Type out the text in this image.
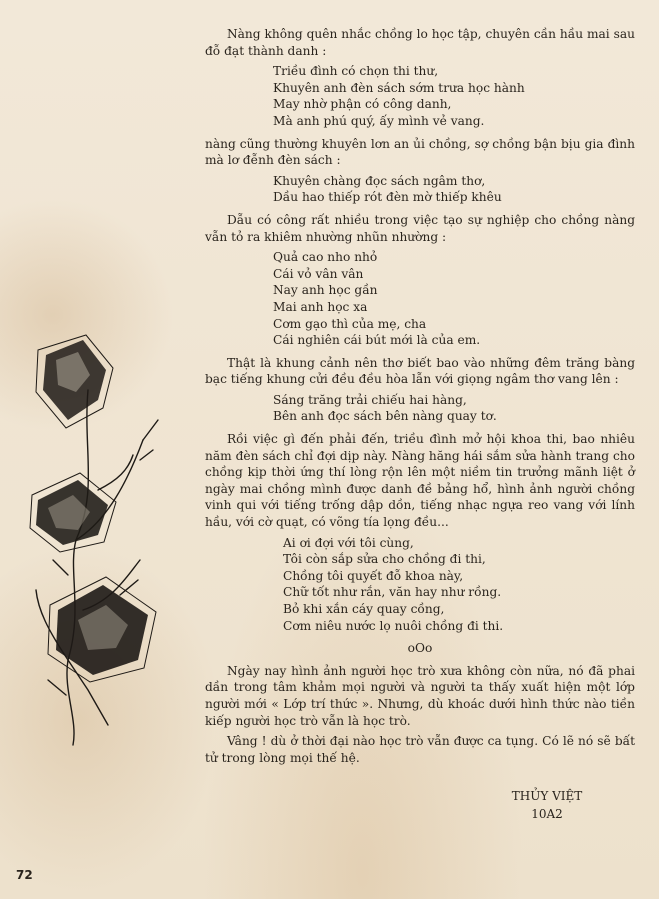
Nàng không quên nhắc chồng lo học tập, chuyên cần hầu mai sau đỗ đạt thành danh :

Triều đình có chọn thi thư,
Khuyên anh đèn sách sớm trưa học hành
May nhờ phận có công danh,
Mà anh phú quý, ấy mình vẻ vang.

nàng cũng thường khuyên lơn an ủi chồng, sợ chồng bận bịu gia đình mà lơ đễnh đèn sách :

Khuyên chàng đọc sách ngâm thơ,
Dầu hao thiếp rót đèn mờ thiếp khêu

Dẫu có công rất nhiều trong việc tạo sự nghiệp cho chồng nàng vẫn tỏ ra khiêm nhường nhũn nhường :

Quả cao nho nhỏ
Cái vỏ vân vân
Nay anh học gần
Mai anh học xa
Cơm gạo thì của mẹ, cha
Cái nghiên cái bút mới là của em.

Thật là khung cảnh nên thơ biết bao vào những đêm trăng bàng bạc tiếng khung cửi đều đều hòa lẫn với giọng ngâm thơ vang lên :

Sáng trăng trải chiếu hai hàng,
Bên anh đọc sách bên nàng quay tơ.

Rồi việc gì đến phải đến, triều đình mở hội khoa thi, bao nhiêu năm đèn sách chỉ đợi dịp này. Nàng hăng hái sắm sửa hành trang cho chồng kịp thời ứng thí lòng rộn lên một niềm tin trưởng mãnh liệt ở ngày mai chồng mình được danh đề bảng hổ, hình ảnh người chồng vinh qui với tiếng trống dập dồn, tiếng nhạc ngựa reo vang với lính hầu, với cờ quạt, có võng tía lọng đều...

Ai ơi đợi với tôi cùng,
Tôi còn sắp sửa cho chồng đi thi,
Chồng tôi quyết đỗ khoa này,
Chữ tốt như rắn, văn hay như rồng.
Bỏ khi xắn cáy quay cồng,
Cơm niêu nước lọ nuôi chồng đi thi.
oOo

Ngày nay hình ảnh người học trò xưa không còn nữa, nó đã phai dần trong tâm khảm mọi người và người ta thấy xuất hiện một lớp người mới « Lớp trí thức ». Nhưng, dù khoác dưới hình thức nào tiền kiếp người học trò vẫn là học trò.

Vâng ! dù ở thời đại nào học trò vẫn được ca tụng. Có lẽ nó sẽ bất tử trong lòng mọi thế hệ.

THỦY VIỆT
10A2
72
